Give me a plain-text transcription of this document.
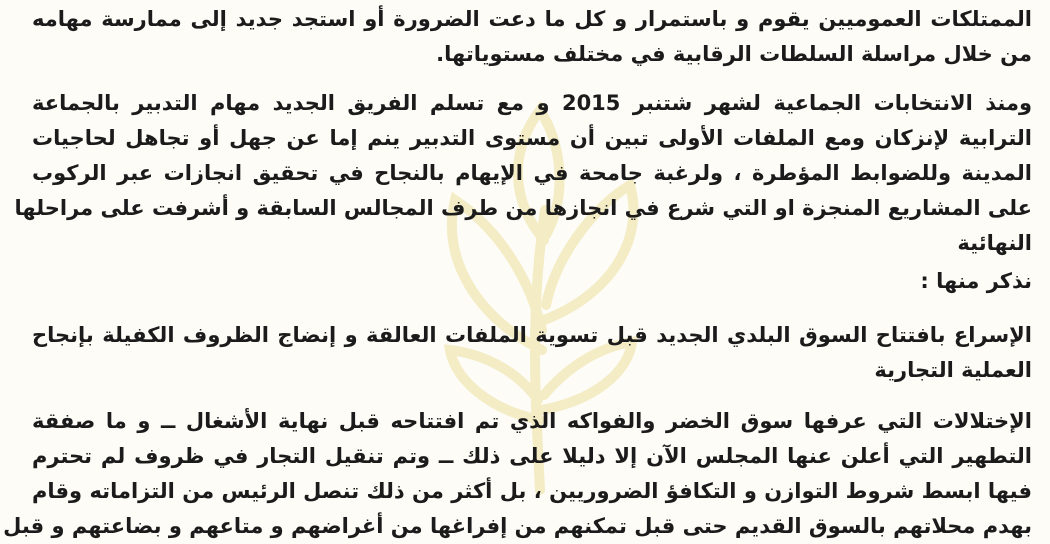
الممتلكات العموميين يقوم و باستمرار و كل ما دعت الضرورة أو استجد جديد إلى ممارسة مهامه
من خلال مراسلة السلطات الرقابية في مختلف مستوياتها.
ومنذ الانتخابات الجماعية لشهر شتنبر 2015 و مع تسلم الفريق الجديد مهام التدبير بالجماعة
الترابية لإنزكان ومع الملفات الأولى تبين أن مستوى التدبير ينم إما عن جهل أو تجاهل لحاجيات
المدينة وللضوابط المؤطرة ، ولرغبة جامحة في الإيهام بالنجاح في تحقيق انجازات عبر الركوب
على المشاريع المنجزة او التي شرع في انجازها من طرف المجالس السابقة و أشرفت على مراحلها
النهائية
نذكر منها :
الإسراع بافتتاح السوق البلدي الجديد قبل تسوية الملفات العالقة و إنضاج الظروف الكفيلة بإنجاح
العملية التجارية
الإختلالات التي عرفها سوق الخضر والفواكه الذي تم افتتاحه قبل نهاية الأشغال ــ و ما صفقة
التطهير التي أعلن عنها المجلس الآن إلا دليلا على ذلك ــ وتم تنقيل التجار في ظروف لم تحترم
فيها ابسط شروط التوازن و التكافؤ الضروريين ، بل أكثر من ذلك تنصل الرئيس من التزاماته وقام
بهدم محلاتهم بالسوق القديم حتى قبل تمكنهم من إفراغها من أغراضهم و متاعهم و بضاعتهم و قبل
